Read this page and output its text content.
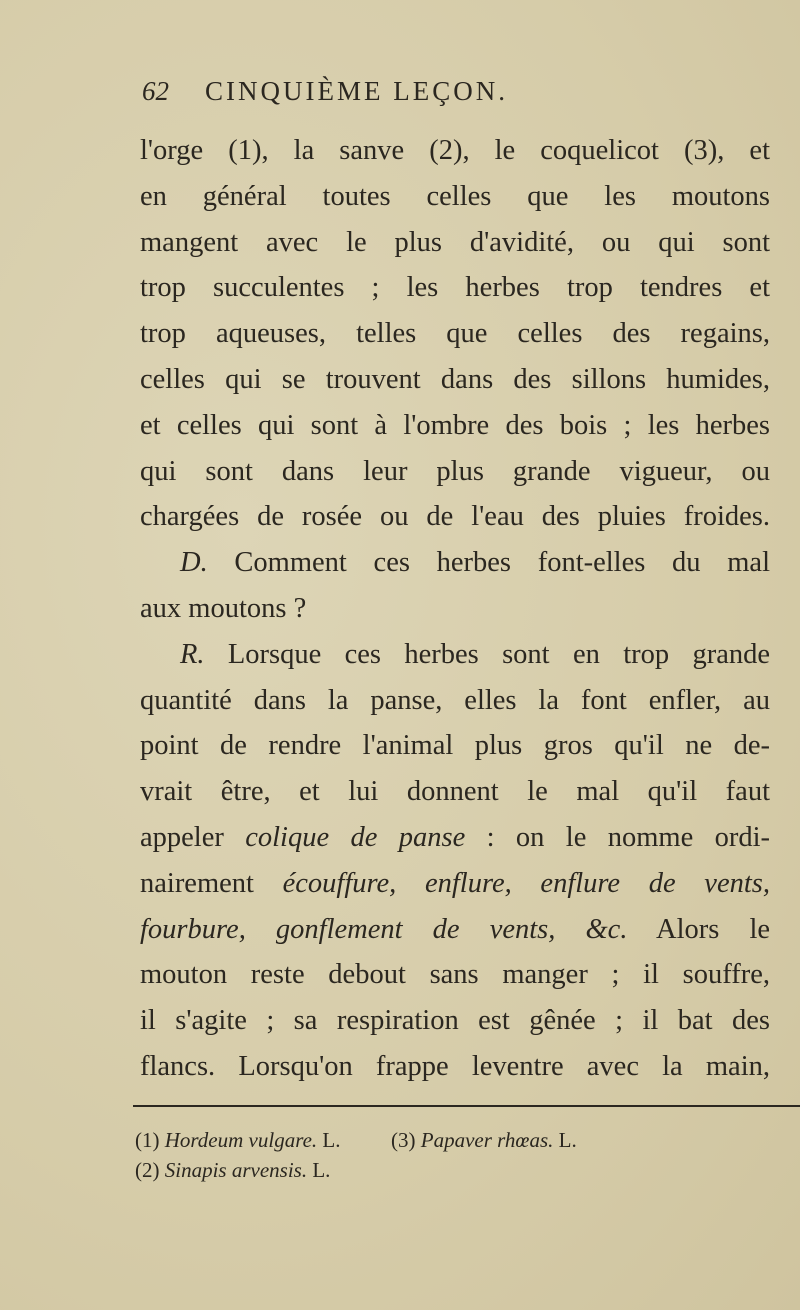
62 CINQUIÈME LEÇON.
l'orge (1), la sanve (2), le coquelicot (3), et
en général toutes celles que les moutons
mangent avec le plus d'avidité, ou qui sont
trop succulentes ; les herbes trop tendres et
trop aqueuses, telles que celles des regains,
celles qui se trouvent dans des sillons humides,
et celles qui sont à l'ombre des bois ; les herbes
qui sont dans leur plus grande vigueur, ou
chargées de rosée ou de l'eau des pluies froides.
D. Comment ces herbes font-elles du mal
aux moutons ?
R. Lorsque ces herbes sont en trop grande
quantité dans la panse, elles la font enfler, au
point de rendre l'animal plus gros qu'il ne de-
vrait être, et lui donnent le mal qu'il faut
appeler colique de panse : on le nomme ordi-
nairement écouffure, enflure, enflure de vents,
fourbure, gonflement de vents, &c. Alors le
mouton reste debout sans manger ; il souffre,
il s'agite ; sa respiration est gênée ; il bat des
flancs. Lorsqu'on frappe leventre avec la main,
(1) Hordeum vulgare. L. (3) Papaver rhœas. L.
(2) Sinapis arvensis. L.
